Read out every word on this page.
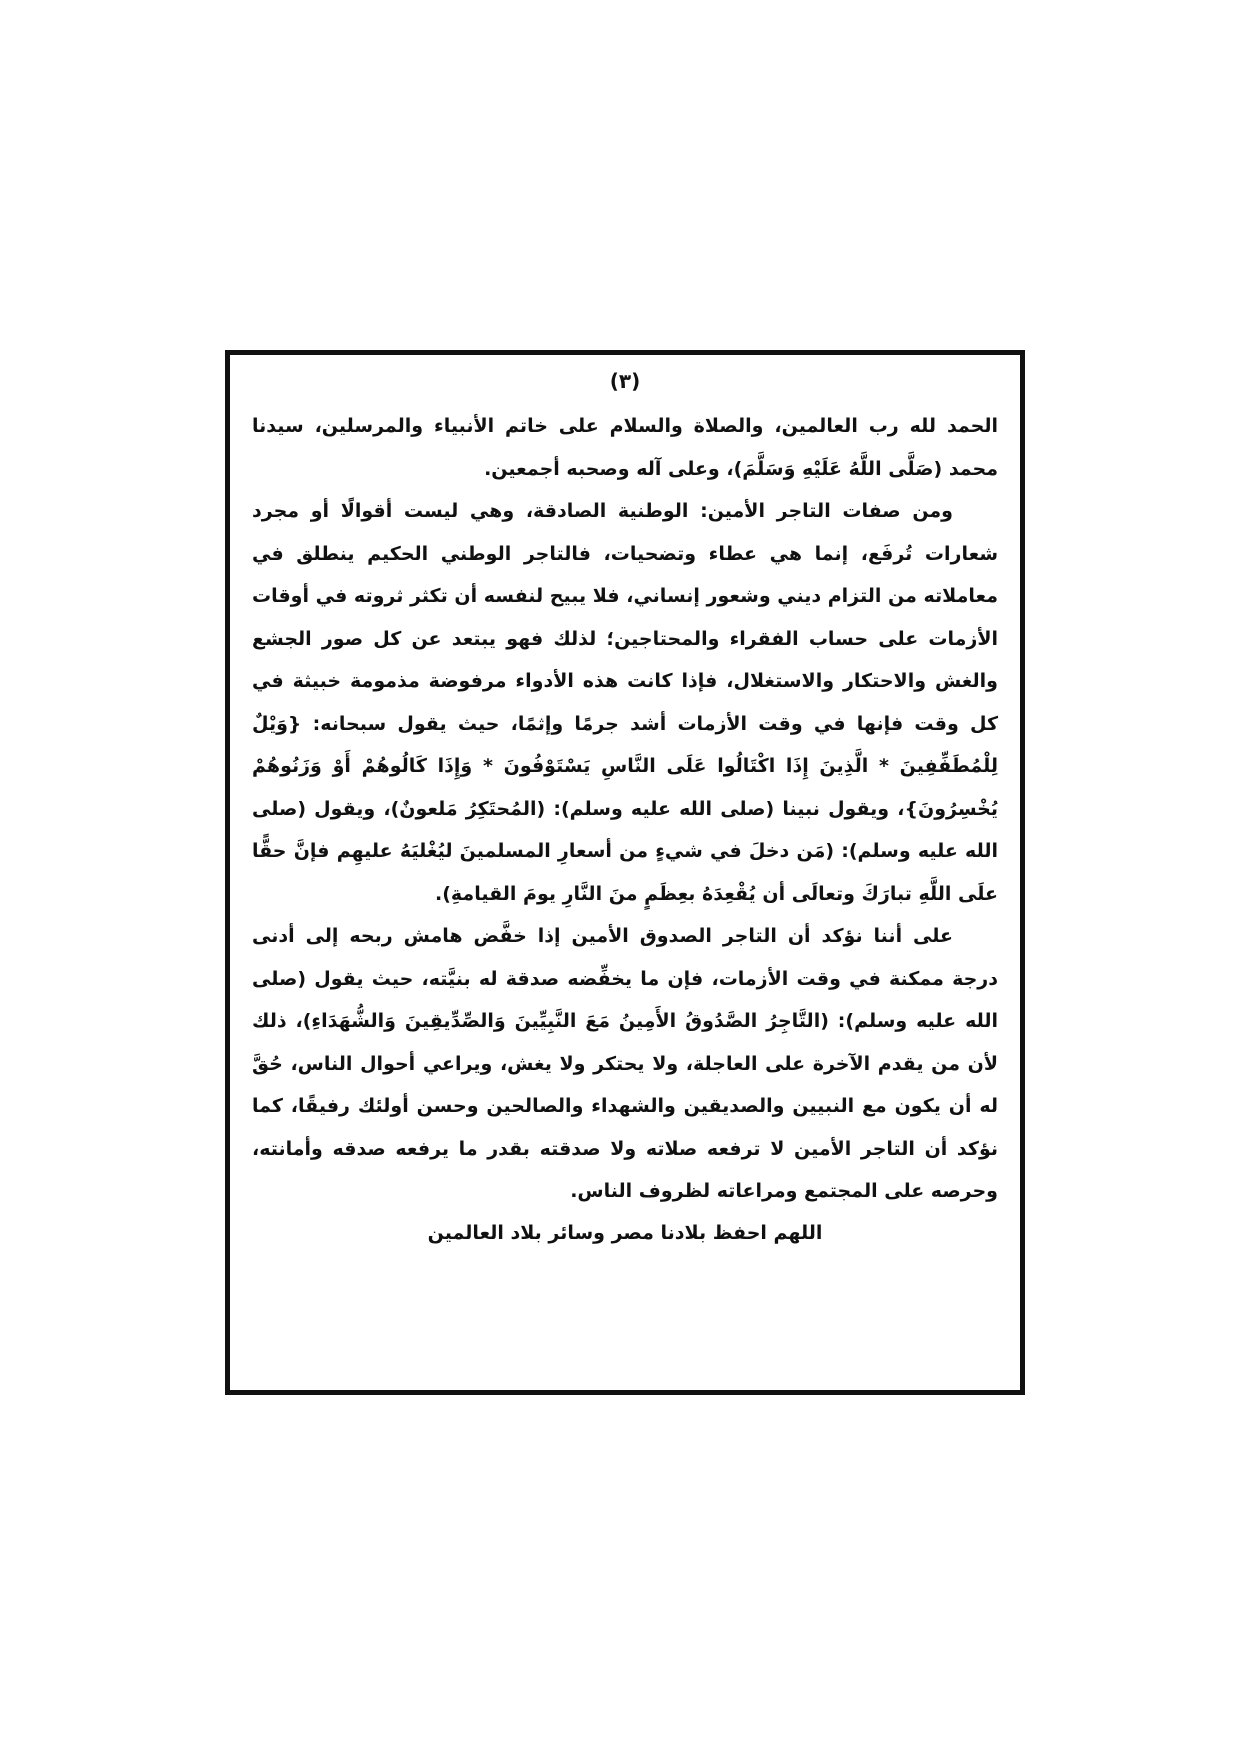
(٣)

الحمد لله رب العالمين، والصلاة والسلام على خاتم الأنبياء والمرسلين، سيدنا محمد (صَلَّى اللَّهُ عَلَيْهِ وَسَلَّمَ)، وعلى آله وصحبه أجمعين.

ومن صفات التاجر الأمين: الوطنية الصادقة، وهي ليست أقوالًا أو مجرد شعارات تُرفَع، إنما هي عطاء وتضحيات، فالتاجر الوطني الحكيم ينطلق في معاملاته من التزام ديني وشعور إنساني، فلا يبيح لنفسه أن تكثر ثروته في أوقات الأزمات على حساب الفقراء والمحتاجين؛ لذلك فهو يبتعد عن كل صور الجشع والغش والاحتكار والاستغلال، فإذا كانت هذه الأدواء مرفوضة مذمومة خبيثة في كل وقت فإنها في وقت الأزمات أشد جرمًا وإثمًا، حيث يقول سبحانه: {وَيْلٌ لِلْمُطَفِّفِينَ * الَّذِينَ إِذَا اكْتَالُوا عَلَى النَّاسِ يَسْتَوْفُونَ * وَإِذَا كَالُوهُمْ أَوْ وَزَنُوهُمْ يُخْسِرُونَ}، ويقول نبينا (صلى الله عليه وسلم): (المُحتَكِرُ مَلعونٌ)، ويقول (صلى الله عليه وسلم): (مَن دخلَ في شيءٍ من أسعارِ المسلمينَ ليُغْليَهُ عليهِم فإنَّ حقًّا علَى اللَّهِ تبارَكَ وتعالَى أن يُقْعِدَهُ بعِظَمٍ منَ النَّارِ يومَ القيامةِ).

على أننا نؤكد أن التاجر الصدوق الأمين إذا خفَّض هامش ربحه إلى أدنى درجة ممكنة في وقت الأزمات، فإن ما يخفِّضه صدقة له بنيَّته، حيث يقول (صلى الله عليه وسلم): (التَّاجِرُ الصَّدُوقُ الأَمِينُ مَعَ النَّبِيِّينَ وَالصِّدِّيقِينَ وَالشُّهَدَاءِ)، ذلك لأن من يقدم الآخرة على العاجلة، ولا يحتكر ولا يغش، ويراعي أحوال الناس، حُقَّ له أن يكون مع النبيين والصديقين والشهداء والصالحين وحسن أولئك رفيقًا، كما نؤكد أن التاجر الأمين لا ترفعه صلاته ولا صدقته بقدر ما يرفعه صدقه وأمانته، وحرصه على المجتمع ومراعاته لظروف الناس.

اللهم احفظ بلادنا مصر وسائر بلاد العالمين
